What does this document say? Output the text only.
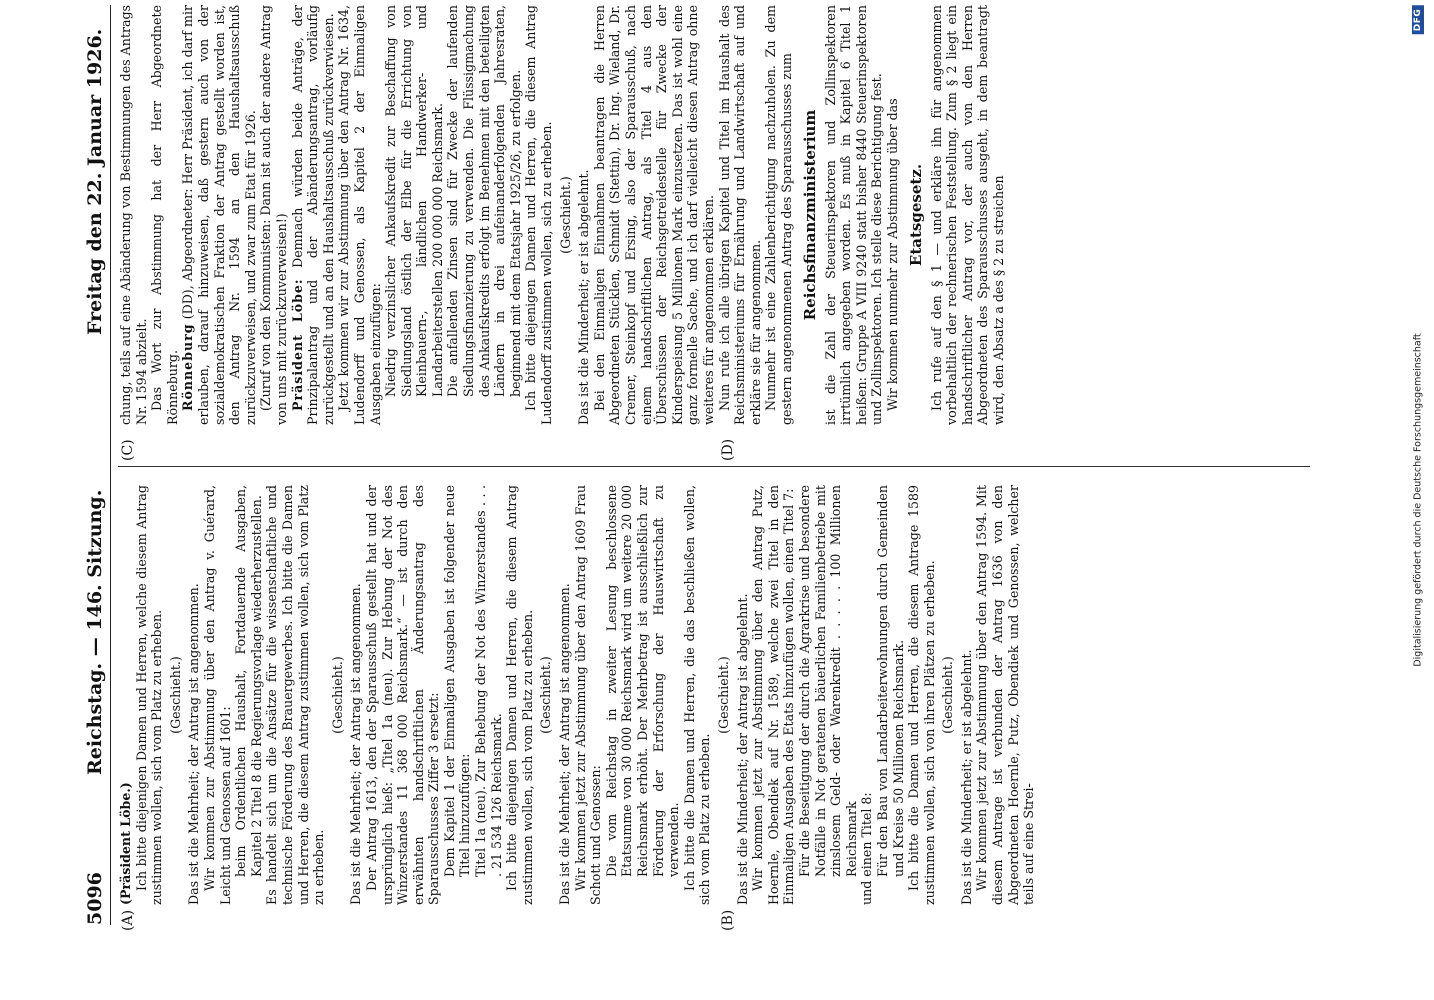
5096
Reichstag. — 146. Sitzung.
Freitag den 22. Januar 1926.
(A)	(B)
(C)	(D)

(Präsident Löbe.) Ich bitte diejenigen Damen und Herren, welche diesem Antrag zustimmen wollen, sich vom Platz zu erheben. (Geschieht.) Das ist die Mehrheit; der Antrag ist angenommen. Wir kommen zur Abstimmung über den Antrag v. Guérard, Leicht und Genossen auf 1601: beim Ordentlichen Haushalt, Fortdauernde Ausgaben, Kapitel 2 Titel 8 die Regierungsvorlage wiederherzustellen. Es handelt sich um die Ansätze für die wissenschaftliche und technische Förderung des Brauergewerbes. Ich bitte die Damen und Herren, die diesem Antrag zustimmen wollen, sich vom Platz zu erheben.

(Geschieht.) Das ist die Mehrheit; der Antrag ist angenommen. Der Antrag 1613, den der Sparausschuß gestellt hat und der ursprünglich hieß: „Titel 1a (neu). Zur Hebung der Not des Winzerstandes 11 368 000 Reichsmark.“ — ist durch den erwähnten handschriftlichen Änderungsantrag des Sparausschusses Ziffer 3 ersetzt: Dem Kapitel 1 der Einmaligen Ausgaben ist folgender neue Titel hinzuzufügen: Titel 1a (neu). Zur Behebung der Not des Winzerstandes . . . . 21 534 126 Reichsmark. Ich bitte diejenigen Damen und Herren, die diesem Antrag zustimmen wollen, sich vom Platz zu erheben. (Geschieht.) Das ist die Mehrheit; der Antrag ist angenommen. Wir kommen jetzt zur Abstimmung über den Antrag 1609 Frau Schott und Genossen: Die vom Reichstag in zweiter Lesung beschlossene Etatsumme von 30 000 Reichsmark wird um weitere 20 000 Reichsmark erhöht. Der Mehrbetrag ist ausschließlich zur Förderung der Erforschung der Hauswirtschaft zu verwenden. Ich bitte die Damen und Herren, die das beschließen wollen, sich vom Platz zu erheben.

(Geschieht.) Das ist die Minderheit; der Antrag ist abgelehnt. Wir kommen jetzt zur Abstimmung über den Antrag Putz, Hoernle, Obendiek auf Nr. 1589, welche zwei Titel in den Einmaligen Ausgaben des Etats hinzufügen wollen, einen Titel 7: Für die Beseitigung der durch die Agrarkrise und besondere Notfälle in Not geratenen bäuerlichen Familienbetriebe mit zinslosem Geld- oder Warenkredit . . . . . 100 Millionen Reichsmark und einen Titel 8: Für den Bau von Landarbeiterwohnungen durch Gemeinden und Kreise 50 Millionen Reichsmark. Ich bitte die Damen und Herren, die diesem Antrage 1589 zustimmen wollen, sich von ihren Plätzen zu erheben. (Geschieht.) Das ist die Minderheit; er ist abgelehnt. Wir kommen jetzt zur Abstimmung über den Antrag 1594. Mit diesem Antrage ist verbunden der Antrag 1636 von den Abgeordneten Hoernle, Putz, Obendiek und Genossen, welcher teils auf eine Strei-

chung, teils auf eine Abänderung von Bestimmungen des Antrags Nr. 1594 abzielt. Das Wort zur Abstimmung hat der Herr Abgeordnete Rönneburg. Rönneburg (DD), Abgeordneter: Herr Präsident, ich darf mir erlauben, darauf hinzuweisen, daß gestern auch von der sozialdemokratischen Fraktion der Antrag gestellt worden ist, den Antrag Nr. 1594 an den Haushaltsausschuß zurückzuverweisen, und zwar zum Etat für 1926. (Zuruf von den Kommunisten: Dann ist auch der andere Antrag von uns mit zurückzuverweisen!) Präsident Löbe: Demnach würden beide Anträge, der Prinzipalantrag und der Abänderungsantrag, vorläufig zurückgestellt und an den Haushaltsausschuß zurückverwiesen. Jetzt kommen wir zur Abstimmung über den Antrag Nr. 1634, Ludendorff und Genossen, als Kapitel 2 der Einmaligen Ausgaben einzufügen: Niedrig verzinslicher Ankaufskredit zur Beschaffung von Siedlungsland östlich der Elbe für die Errichtung von Kleinbauern-, ländlichen Handwerker- und Landarbeiterstellen 200 000 000 Reichsmark. Die anfallenden Zinsen sind für Zwecke der laufenden Siedlungsfinanzierung zu verwenden. Die Flüssigmachung des Ankaufskredits erfolgt im Benehmen mit den beteiligten Ländern in drei aufeinanderfolgenden Jahresraten, beginnend mit dem Etatsjahr 1925/26, zu erfolgen. Ich bitte diejenigen Damen und Herren, die diesem Antrag Ludendorff zustimmen wollen, sich zu erheben. (Geschieht.) Das ist die Minderheit; er ist abgelehnt. Bei den Einmaligen Einnahmen beantragen die Herren Abgeordneten Stücklen, Schmidt (Stettin), Dr. Ing. Wieland, Dr. Cremer, Steinkopf und Ersing, also der Sparausschuß, nach einem handschriftlichen Antrag, als Titel 4 aus den Überschüssen der Reichsgetreidestelle für Zwecke der Kinderspeisung 5 Millionen Mark einzusetzen. Das ist wohl eine ganz formelle Sache, und ich darf vielleicht diesen Antrag ohne weiteres für angenommen erklären. Nun rufe ich alle übrigen Kapitel und Titel im Haushalt des Reichsministeriums für Ernährung und Landwirtschaft auf und erkläre sie für angenommen. Nunmehr ist eine Zahlenberichtigung nachzuholen. Zu dem gestern angenommenen Antrag des Sparausschusses zum Reichsfinanzministerium ist die Zahl der Steuerinspektoren und Zollinspektoren irrtümlich angegeben worden. Es muß in Kapitel 6 Titel 1 heißen: Gruppe A VIII 9240 statt bisher 8440 Steuerinspektoren und Zollinspektoren. Ich stelle diese Berichtigung fest. Wir kommen nunmehr zur Abstimmung über das Etatsgesetz. Ich rufe auf den § 1 — und erkläre ihn für angenommen vorbehaltlich der rechnerischen Feststellung. Zum § 2 liegt ein handschriftlicher Antrag vor, der auch von den Herren Abgeordneten des Sparausschusses ausgeht, in dem beantragt wird, den Absatz a des § 2 zu streichen

Digitalisierung gefördert durch die Deutsche Forschungsgemeinschaft
DFG
